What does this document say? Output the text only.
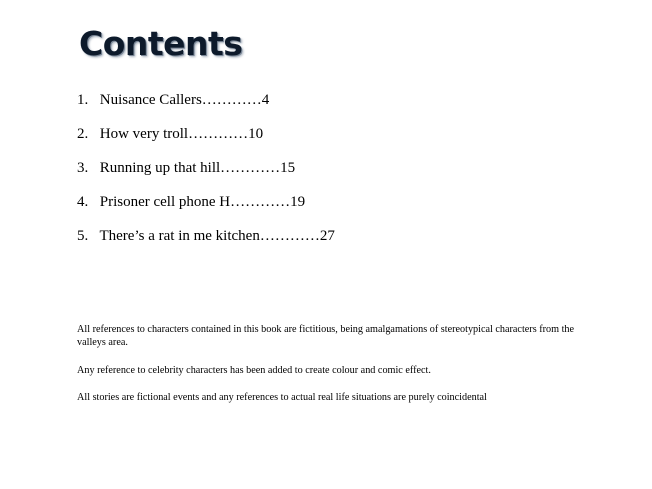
Contents
1. Nuisance Callers…………4
2. How very troll…………10
3. Running up that hill…………15
4. Prisoner cell phone H…………19
5. There’s a rat in me kitchen…………27

All references to characters contained in this book are fictitious, being amalgamations of stereotypical characters from the valleys area.

Any reference to celebrity characters has been added to create colour and comic effect.

All stories are fictional events and any references to actual real life situations are purely coincidental
